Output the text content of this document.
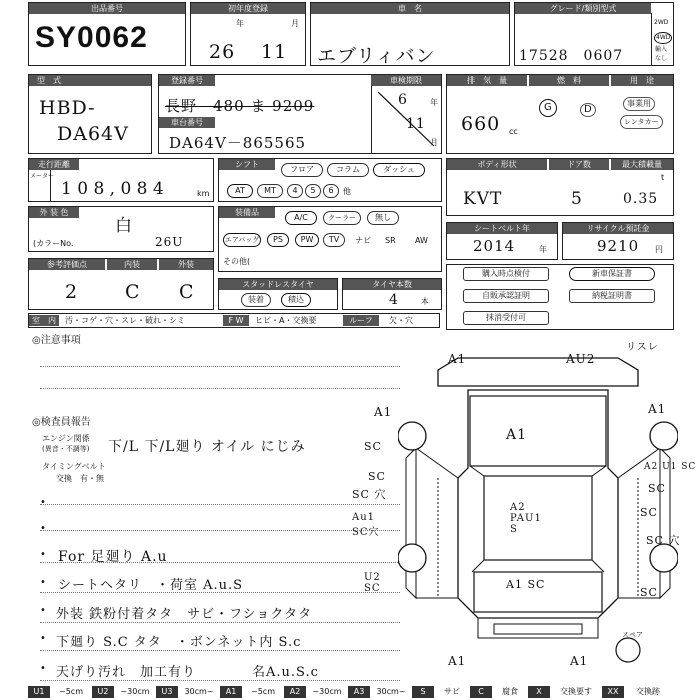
出品番号
SY0062
初年度登録
年	月
26 11
車　名
エブリィバン
グレード/類別型式
17528　0607
2WD
4WD
輸入
なし
型　式
HBD-
DA64V
登録番号	車検期限
長野　480 ま 9209
車台番号
DA64V－865565
6	年
11
月
排　気　量	燃　料	用　途
660 cc
G	D
事業用
レンタカー
走行距離
メーター
1 0 8 , 0 8 4	km
シフト
フロア	コラム	ダッシュ
AT	MT	4	5	6	他
ボディ形状	ドア数	最大積載量
KVT	5
t
0.35
外 装 色
白
(カラーNo.	26U
装備品
A/C	クーラー	無し
エアバッグ	PS	PW	TV	ナビ SR AW
その他(
シートベルト年
2014	年
リサイクル預託金
9210 円
購入時点検付	新車保証書
自販承認証明	納税証明書
抹消受付可
参考評価点	内装	外装
2 C C	スタッドレスタイヤ
装着	積込
タイヤ本数
4	本
室　内	汚・コゲ・穴・スレ・破れ・シミ	F W	ヒビ・A・交換要	ルーフ	欠・穴
◎注意事項
◎検査員報告
エンジン関係
(異音・不調等) 下/L 下/L廻り オイル にじみ
タイミングベルト
交換　有・無
For 足廻り A.u
シートヘタリ　・荷室 A.u.S
外装 鉄粉付着タタ　サビ・フショクタタ
下廻り S.C タタ　・ボンネット内 S.c
天げり汚れ　加工有り　　　　名A.u.S.c
•
•
•
•
•
•
•
A1	AU2
リスレ
A1
A1
A1
SC
SC
A2 U1 SC
SC
SC 穴
A2 PAU1 S
Au1 SC穴
SC
SC 穴
U2 SC	A1 SC
SC
A1	A1
スペア
U1	~5cm	U2	~30cm	U3	30cm~	A1	~5cm	A2	~30cm	A3	30cm~	S	サビ	C	腐食	X	交換要す	XX	交換跡
